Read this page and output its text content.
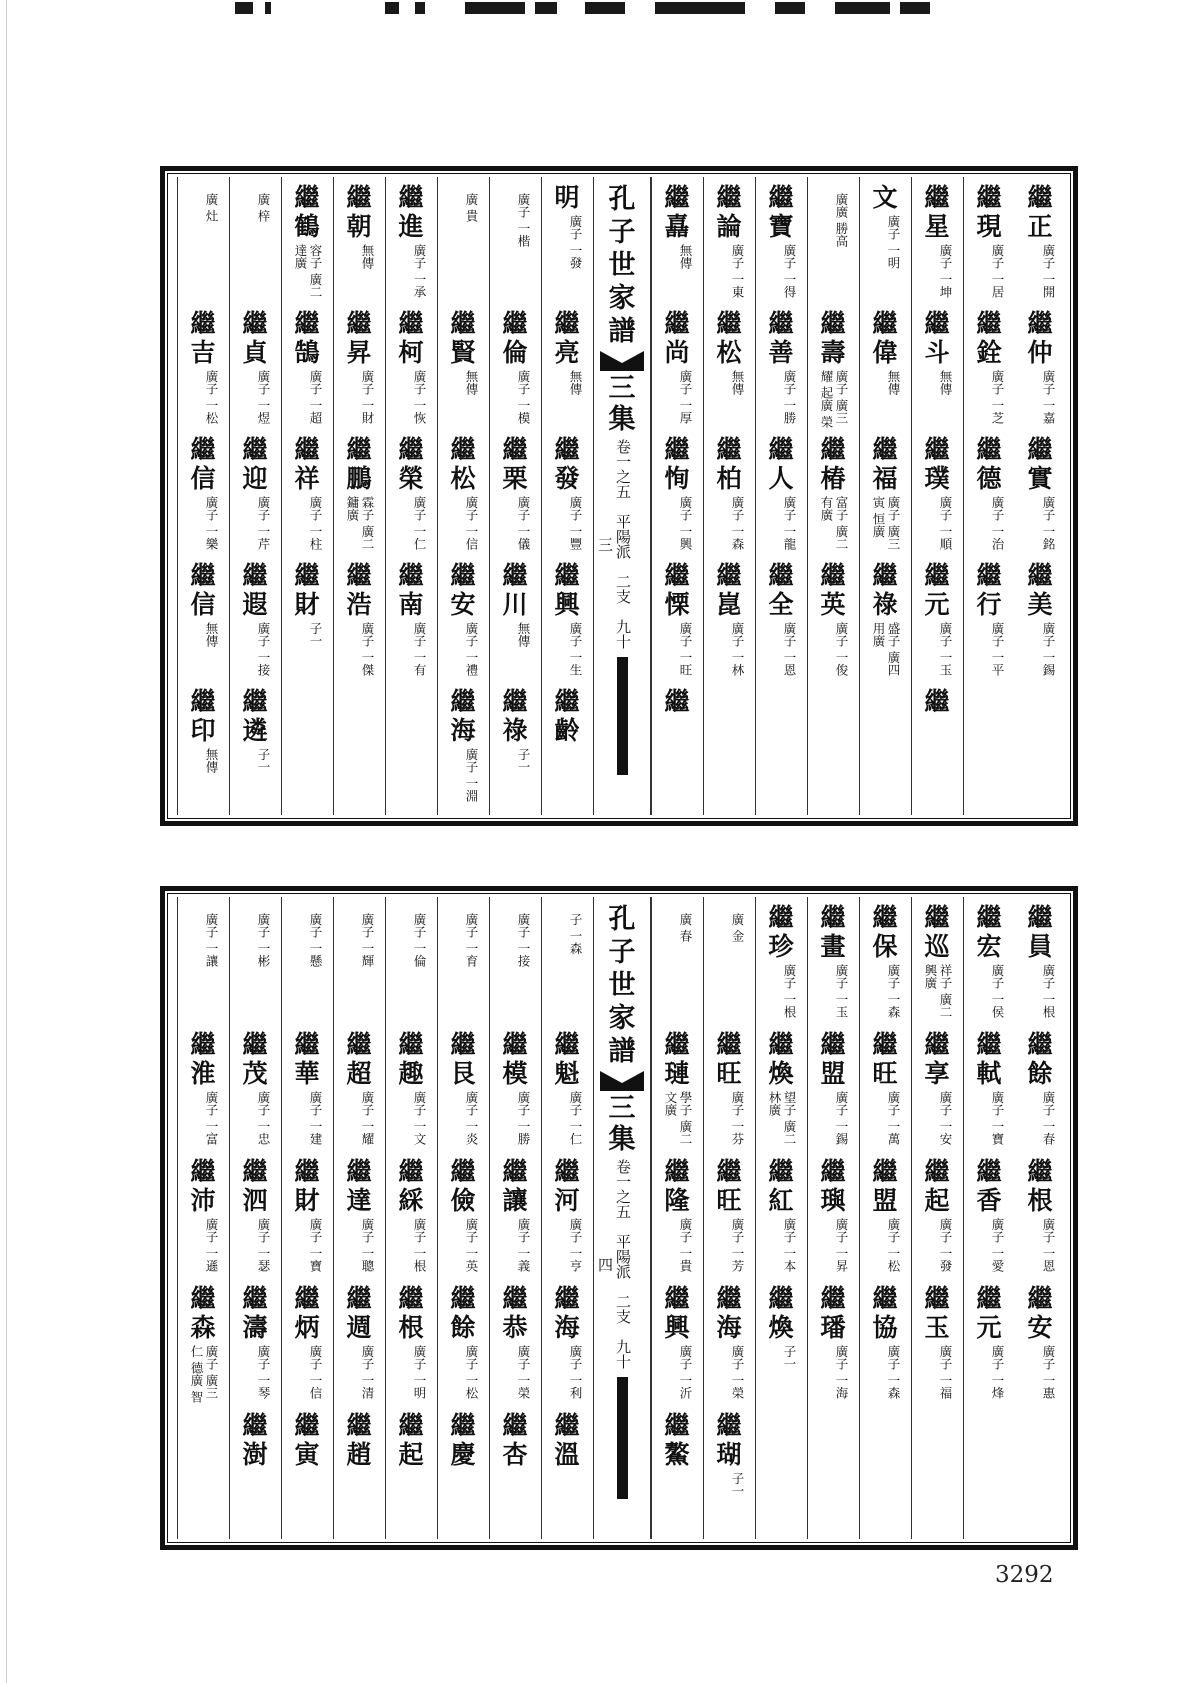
繼正
廣子 一開
繼仲
廣子 一嘉
繼實
廣子 一銘
繼美
廣子 一錫
繼現
廣子 一居
繼銓
廣子 一芝
繼德
廣子 一治
繼行
廣子 一平
繼星
廣子 一坤
繼斗
無傳
繼璞
廣子 一順
繼元
廣子 一玉
繼
文
廣子 一明
繼偉
無傳
繼福
廣子 廣三寅 恒廣
繼祿
盛子 廣四 用廣
廣廣 勝高
繼壽
廣子 廣三耀 起廣 榮
繼椿
富子 廣二 有廣
繼英
廣子 一俊
繼寶
廣子 一得
繼善
廣子 一勝
繼人
廣子 一龍
繼全
廣子 一恩
繼論
廣子 一東
繼松
無傳
繼柏
廣子 一森
繼崑
廣子 一林
繼嚞
無傳
繼尚
廣子 一厚
繼恂
廣子 一興
繼慄
廣子 一旺
繼
明
廣子 一發
繼亮
無傳
繼發
廣子 一豐
繼興
廣子 一生
繼齡
廣子 一楷
繼倫
廣子 一模
繼栗
廣子 一儀
繼川
無傳
繼祿
子一
廣 貴
繼賢
無傳
繼松
廣子 一信
繼安
廣子 一禮
繼海
廣子 一淵
繼進
廣子 一承
繼柯
廣子 一恢
繼榮
廣子 一仁
繼南
廣子 一有
繼朝
無傳
繼昇
廣子 一財
繼鵬
霖子 廣二 鏞廣
繼浩
廣子 一傑
繼鶴
容子 廣二 達廣
繼鵠
廣子 一超
繼祥
廣子 一柱
繼財
子一
廣 梓
繼貞
廣子 一煜
繼迎
廣子 一芹
繼遐
廣子 一接
繼遴
子一
廣 灶
繼吉
廣子 一松
繼信
廣子 一樂
繼信
無傳
繼印
無傳
孔子世家譜
三集
卷一之五　平陽派　二支　九十三
繼員
廣子 一根
繼餘
廣子 一春
繼根
廣子 一恩
繼安
廣子 一惠
繼宏
廣子 一侯
繼軾
廣子 一寶
繼香
廣子 一愛
繼元
廣子 一烽
繼巡
祥子 廣二 興廣
繼享
廣子 一安
繼起
廣子 一發
繼玉
廣子 一福
繼保
廣子 一森
繼旺
廣子 一萬
繼盟
廣子 一松
繼協
廣子 一森
繼畫
廣子 一玉
繼盟
廣子 一錫
繼璵
廣子 一昇
繼璠
廣子 一海
繼珍
廣子 一根
繼煥
望子 廣二 林廣
繼紅
廣子 一本
繼煥
子一
廣 金
繼旺
廣子 一芬
繼旺
廣子 一芳
繼海
廣子 一榮
繼瑚
子一
廣 春
繼璉
學子 廣二 文廣
繼隆
廣子 一貴
繼興
廣子 一沂
繼鰲
子 一森
繼魁
廣子 一仁
繼河
廣子 一亨
繼海
廣子 一利
繼溫
廣子 一接
繼模
廣子 一勝
繼讓
廣子 一義
繼恭
廣子 一榮
繼杏
廣子 一育
繼艮
廣子 一炎
繼儉
廣子 一英
繼餘
廣子 一松
繼慶
廣子 一倫
繼趣
廣子 一文
繼綵
廣子 一根
繼根
廣子 一明
繼起
廣子 一輝
繼超
廣子 一耀
繼達
廣子 一聰
繼週
廣子 一清
繼趙
廣子 一懸
繼華
廣子 一建
繼財
廣子 一寶
繼炳
廣子 一信
繼寅
廣子 一彬
繼茂
廣子 一忠
繼泗
廣子 一瑟
繼濤
廣子 一琴
繼澍
廣子 一讓
繼淮
廣子 一富
繼沛
廣子 一遜
繼森
廣子 廣三仁 德廣 智
孔子世家譜
三集
卷一之五　平陽派　二支　九十四
3292
